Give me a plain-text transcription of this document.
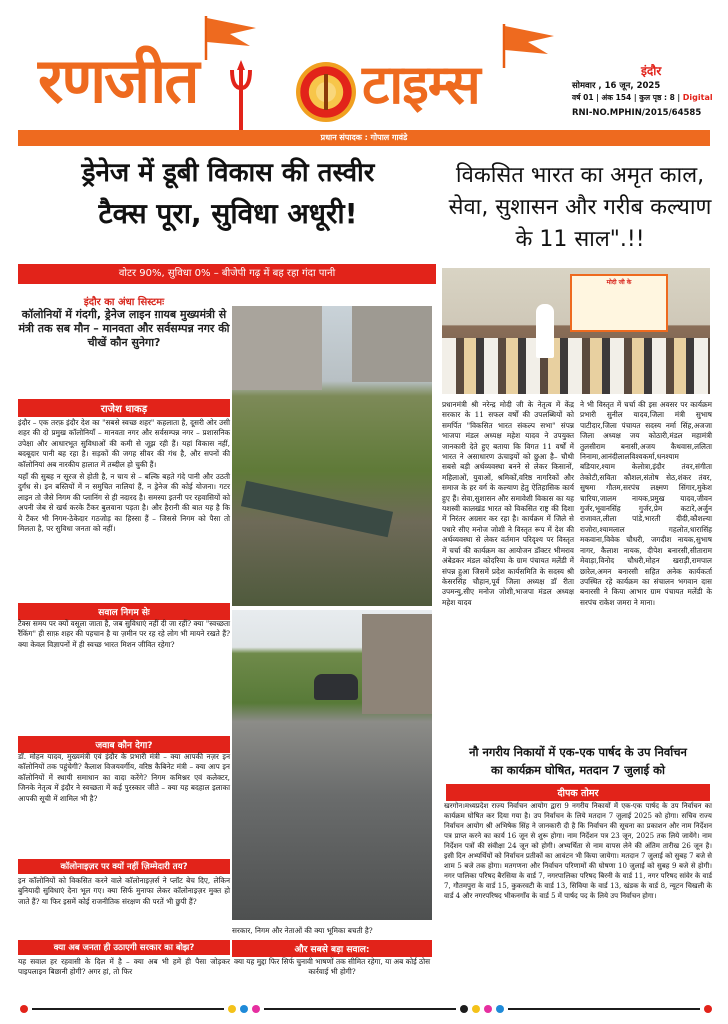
रणजीत	टाइम्स	इंदौर
सोमवार , 16 जून, 2025
वर्ष 01 | अंक 154 | कुल पृष्ठ : 8 | Digital
RNI-NO.MPHIN/2015/64585
प्रधान संपादक : गोपाल गावंडे
ड्रेनेज में डूबी विकास की तस्वीर
टैक्स पूरा, सुविधा अधूरी!
वोटर 90%, सुविधा 0% – बीजेपी गढ़ में बह रहा गंदा पानी
इंदौर का अंधा सिस्टमः
कॉलोनियों में गंदगी, ड्रेनेज लाइन ग़ायब मुख्यमंत्री से मंत्री तक सब मौन – मानवता और सर्वसम्पन्न नगर की चीखें कौन सुनेगा?
राजेश धाकड़

इंदौर – एक तरफ़ इंदौर देश का "सबसे स्वच्छ शहर" कहलाता है, दूसरी ओर उसी शहर की दो प्रमुख कॉलोनियाँ – मानवता नगर और सर्वसम्पन्न नगर – प्रशासनिक उपेक्षा और आधारभूत सुविधाओं की कमी से जूझ रही हैं। यहां विकास नहीं, बदबूदार पानी बह रहा है। सड़कों की जगह सीवर की गंध है, और सपनों की कॉलोनियां अब नारकीय हालात में तब्दील हो चुकी हैं।

यहाँ की सुबह न सूरज से होती है, न चाय से – बल्कि बहते गंदे पानी और उठती दुर्गंध से। इन बस्तियों में न समुचित नालियां हैं, न ड्रेनेज की कोई योजना। गटर लाइन तो जैसे निगम की प्लानिंग से ही नदारद है। समस्या इतनी पर रहवासियों को अपनी जेब से खर्च करके टैंकर बुलवाना पड़ता है। और हैरानी की बात यह है कि ये टैंकर भी निगम-ठेकेदार गठजोड़ का हिस्सा हैं – जिससे निगम को पैसा तो मिलता है, पर सुविधा जनता को नहीं।

सवाल निगम सेः

टैक्स समय पर क्यों वसूला जाता है, जब सुविधाएं नहीं दी जा रहीं? क्या "स्वच्छता रैंकिंग" ही साफ़ शहर की पहचान है या ज़मीन पर रह रहे लोग भी मायने रखते हैं? क्या केवल विज्ञापनों में ही स्वच्छ भारत मिशन जीवित रहेगा?

जवाब कौन देगा?

डॉ. मोहन यादव, मुख्यमंत्री एवं इंदौर के प्रभारी मंत्री – क्या आपकी नज़र इन कॉलोनियों तक पहुंचेगी? कैलाश विजयवर्गीय, वरिष्ठ कैबिनेट मंत्री – क्या आप इन कॉलोनियों में स्थायी समाधान का वादा करेंगे? निगम कमिश्नर एवं कलेक्टर, जिनके नेतृत्व में इंदौर ने स्वच्छता में कई पुरस्कार जीते – क्या यह बदहाल इलाका आपकी सूची में शामिल भी है?

कॉलोनाइज़र पर क्यों नहीं ज़िम्मेदारी तय?

इन कॉलोनियों को विकसित करने वाले कॉलोनाइज़र्स ने प्लॉट बेच दिए, लेकिन बुनियादी सुविधाएं देना भूल गए। क्या सिर्फ मुनाफा लेकर कॉलोनाइज़र मुक्त हो जाते हैं? या फिर इसमें कोई राजनीतिक संरक्षण की परतें भी छुपी हैं?

क्या अब जनता ही उठाएगी सरकार का बोझ?

यह सवाल हर रहवासी के दिल में है – क्या अब भी हमें ही पैसा जोड़कर पाइपलाइन बिछानी होगी? अगर हां, तो फिर

सरकार, निगम और नेताओं की क्या भूमिका बचती है?
और सबसे बड़ा सवाल:

क्या यह मुद्दा फिर सिर्फ चुनावी भाषणों तक सीमित रहेगा, या अब कोई ठोस कार्रवाई भी होगी?

विकसित भारत का अमृत काल, सेवा, सुशासन और गरीब कल्याण के 11 साल".!!
मोदी जी के

प्रधानमंत्री श्री नरेन्द्र मोदी जी के नेतृत्व में केंद्र सरकार के 11 सफल वर्षों की उपलब्धियों को समर्पित "विकसित भारत संकल्प सभा" संपन्न भाजपा मंडल अध्यक्ष महेश यादव ने उपयुक्त जानकारी देते हुए बताया कि विगत 11 वर्षों में भारत ने असाधारण ऊंचाइयों को छुआ है– चौथी सबसे बड़ी अर्थव्यवस्था बनने से लेकर किसानों, महिलाओं, युवाओं, श्रमिकों,वरिष्ठ नागरिकों और समाज के हर वर्ग के कल्याण हेतु ऐतिहासिक कार्य हुए हैं। सेवा,सुशासन और समावेशी विकास का यह यशस्वी कालखंड भारत को विकसित राष्ट्र की दिशा में निरंतर अग्रसर कर रहा है। कार्यक्रम में जिले से पधारे सीए मनोज जोशी ने विस्तृत रूप में देश की अर्थव्यवस्था से लेकर वर्तमान परिदृश्य पर विस्तृत में चर्चा की कार्यक्रम का आयोजन डॉक्टर भीमराव अंबेडकर मंडल कोदरिया के ग्राम पंचायत मलेंडी में संपन्न हुआ जिसमें प्रदेश कार्यसमिति के सदस्य श्री केसरसिंह चौहान,पूर्व जिला अध्यक्ष डॉ रीता उपमन्यु,सीए मनोज जोशी,भाजपा मंडल अध्यक्ष महेश यादव

ने भी विस्तृत में चर्चा की इस अवसर पर कार्यक्रम प्रभारी सुनील यादव,जिला मंत्री सुभाष पाटीदार,जिला पंचायत सदस्य नर्मा सिंह,अजजा जिला अध्यक्ष जय कोठारी,मंडल महामंत्री तुलसीराम बनासी,अजय कैथवास,ललिता निनामा,आनंदीलालविश्वकर्मा,धनश्याम बडियार,श्याम केलोत्रा,इंदौर तंवर,संगीता तेकोटी,सविता कौशल,संतोष सेठ,शंकर तंवर, सुषमा गौतम,सरपंच लक्ष्मण सिंगार,मुकेश चारिया,जालम नायक,प्रमुख यादव,जीवन गुर्जर,भूवानसिंह गुर्जर,प्रेम कटारे,अर्जुन राजावत,लीला पांडे,भारती दीदी,कौशल्या राजोरा,श्यामलाल गहलोत,धारासिंह मकवाना,विवेक चौधरी, जगदीश नायक,सुभाष नागर, कैलाश नायक, दीपेश बनारसी,सीताराम मेवाड़ा,विनोद चौधरी,मोहन खराड़ी,रामपाल छारेल,अमन बनारसी सहित अनेक कार्यकर्ता उपस्थित रहे कार्यक्रम का संचालन भगवान दास बनारसी ने किया आभार ग्राम पंचायत मलेंडी के सरपंच राकेश जमरा ने माना।

नौ नगरीय निकायों में एक-एक पार्षद के उप निर्वाचन
का कार्यक्रम घोषित, मतदान 7 जुलाई को
दीपक तोमर

खरगोन।मध्यप्रदेश राज्य निर्वाचन आयोग द्वारा 9 नगरीय निकायों में एक-एक पार्षद के उप निर्वाचन का कार्यक्रम घोषित कर दिया गया है। उप निर्वाचन के लिये मतदान 7 जुलाई 2025 को होगा। सचिव राज्य निर्वाचन आयोग श्री अभिषेक सिंह ने जानकारी दी है कि निर्वाचन की सूचना का प्रकाशन और नाम निर्देशन पत्र प्राप्त करने का कार्य 16 जून से शुरू होगा। नाम निर्देशन पत्र 23 जून, 2025 तक लिये जायेंगे। नाम निर्देशन पत्रों की संवीक्षा 24 जून को होगी। अभ्यर्थिता से नाम वापस लेने की अंतिम तारीख 26 जून है। इसी दिन अभ्यर्थियों को निर्वाचन प्रतीकों का आवंटन भी किया जायेगा। मतदान 7 जुलाई को सुबह 7 बजे से शाम 5 बजे तक होगा। मतगणना और निर्वाचन परिणामों की घोषणा 10 जुलाई को सुबह 9 बजे से होगी।नगर पालिका परिषद बैरसिया के वार्ड 7, नगरपालिका परिषद बिरनी के वार्ड 11, नगर परिषद सांवेर के वार्ड 7, गौतमपुरा के वार्ड 15, कुकरवटी के वार्ड 13, सिविया के वार्ड 13, खंडक के वार्ड 8, न्यूटन चिखली के वार्ड 4 और नगरपरिषद भीकनगाँव के वार्ड 5 में पार्षद पद के लिये उप निर्वाचन होगा।
